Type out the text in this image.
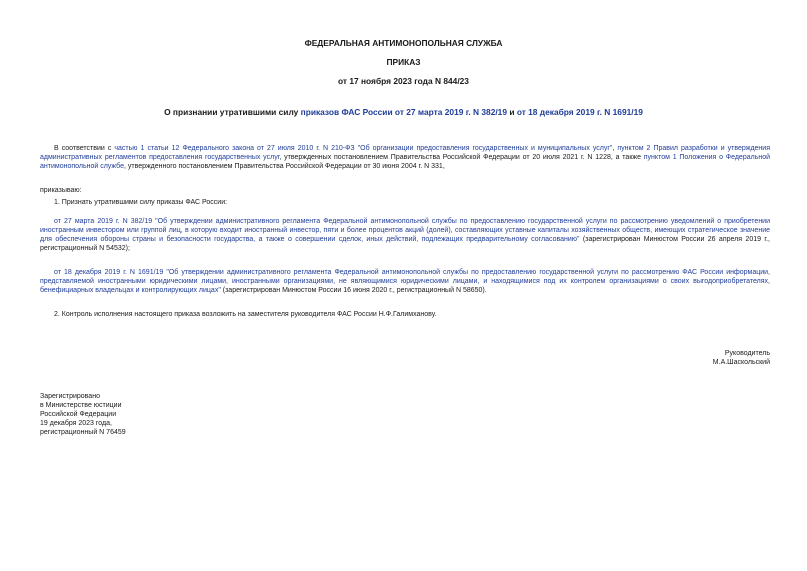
ФЕДЕРАЛЬНАЯ АНТИМОНОПОЛЬНАЯ СЛУЖБА
ПРИКАЗ
от 17 ноября 2023 года N 844/23
О признании утратившими силу приказов ФАС России от 27 марта 2019 г. N 382/19 и от 18 декабря 2019 г. N 1691/19
В соответствии с частью 1 статьи 12 Федерального закона от 27 июля 2010 г. N 210-ФЗ "Об организации предоставления государственных и муниципальных услуг", пунктом 2 Правил разработки и утверждения административных регламентов предоставления государственных услуг, утвержденных постановлением Правительства Российской Федерации от 20 июля 2021 г. N 1228, а также пунктом 1 Положения о Федеральной антимонопольной службе, утвержденного постановлением Правительства Российской Федерации от 30 июня 2004 г. N 331,
приказываю:
1. Признать утратившими силу приказы ФАС России:
от 27 марта 2019 г. N 382/19 "Об утверждении административного регламента Федеральной антимонопольной службы по предоставлению государственной услуги по рассмотрению уведомлений о приобретении иностранным инвестором или группой лиц, в которую входит иностранный инвестор, пяти и более процентов акций (долей), составляющих уставные капиталы хозяйственных обществ, имеющих стратегическое значение для обеспечения обороны страны и безопасности государства, а также о совершении сделок, иных действий, подлежащих предварительному согласованию" (зарегистрирован Минюстом России 26 апреля 2019 г., регистрационный N 54532);
от 18 декабря 2019 г. N 1691/19 "Об утверждении административного регламента Федеральной антимонопольной службы по предоставлению государственной услуги по рассмотрению ФАС России информации, представляемой иностранными юридическими лицами, иностранными организациями, не являющимися юридическими лицами, и находящимися под их контролем организациями о своих выгодоприобретателях, бенефициарных владельцах и контролирующих лицах" (зарегистрирован Минюстом России 16 июня 2020 г., регистрационный N 58650).
2. Контроль исполнения настоящего приказа возложить на заместителя руководителя ФАС России Н.Ф.Галимханову.
Руководитель
М.А.Шаскольский
Зарегистрировано
в Министерстве юстиции
Российской Федерации
19 декабря 2023 года,
регистрационный N 76459
